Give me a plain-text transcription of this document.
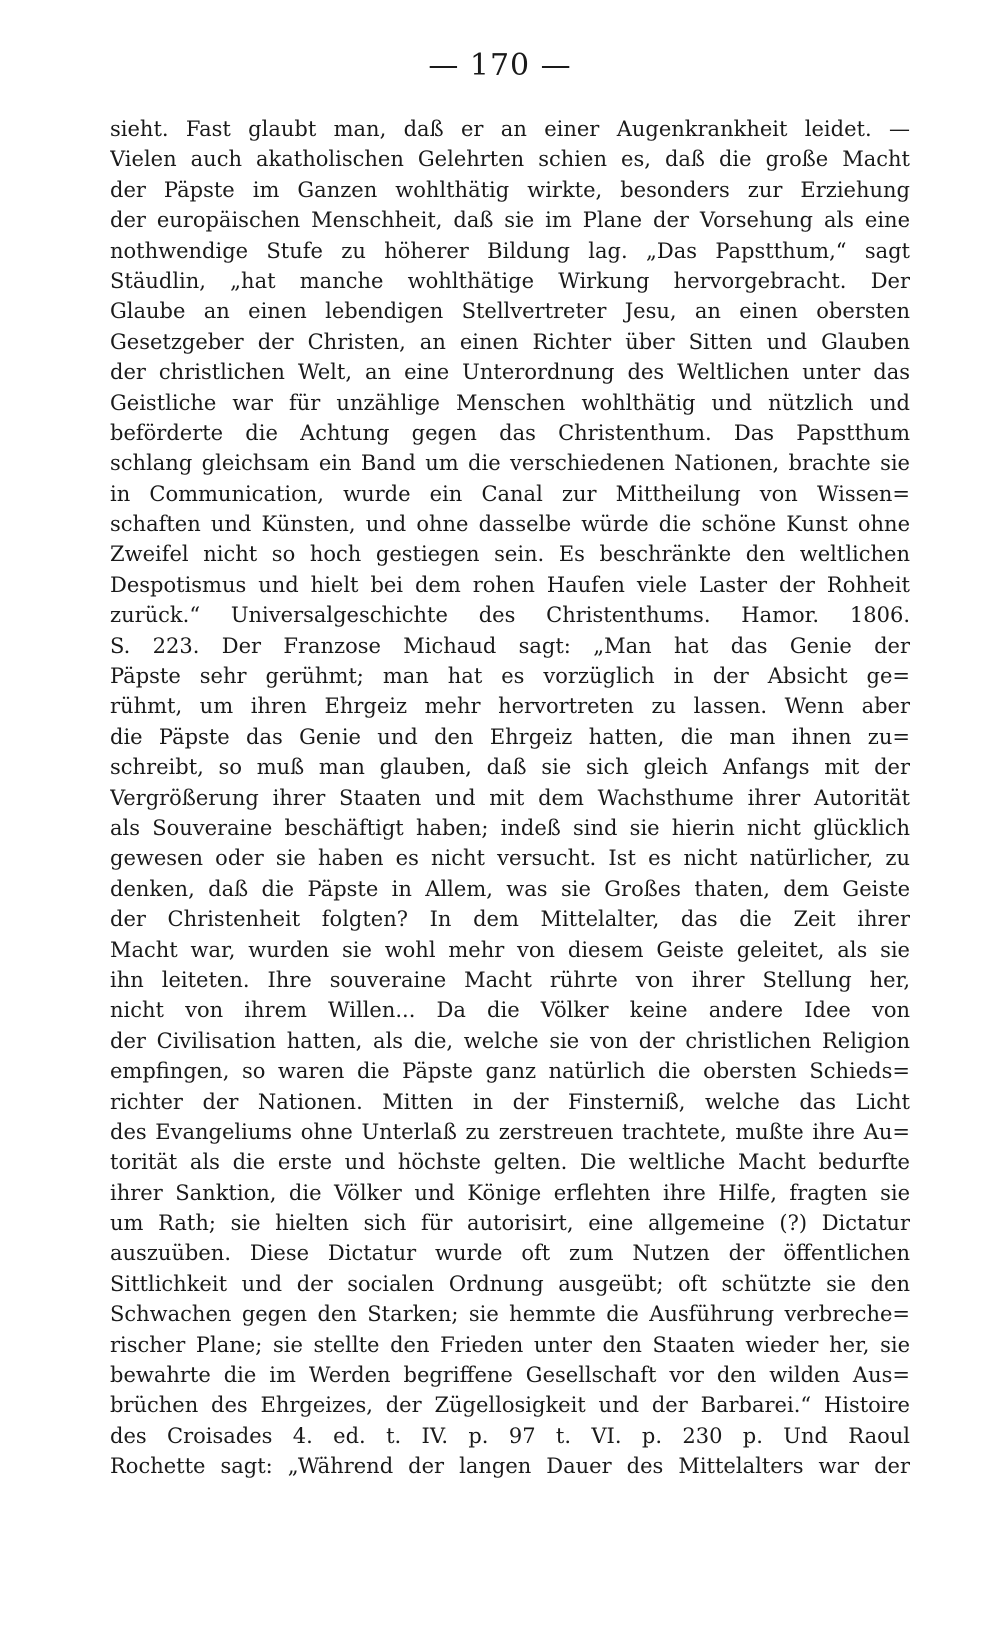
— 170 —
sieht. Fast glaubt man, daß er an einer Augenkrankheit leidet. —
Vielen auch akatholischen Gelehrten schien es, daß die große Macht
der Päpste im Ganzen wohlthätig wirkte, besonders zur Erziehung
der europäischen Menschheit, daß sie im Plane der Vorsehung als eine
nothwendige Stufe zu höherer Bildung lag. „Das Papstthum,“ sagt
Stäudlin, „hat manche wohlthätige Wirkung hervorgebracht. Der
Glaube an einen lebendigen Stellvertreter Jesu, an einen obersten
Gesetzgeber der Christen, an einen Richter über Sitten und Glauben
der christlichen Welt, an eine Unterordnung des Weltlichen unter das
Geistliche war für unzählige Menschen wohlthätig und nützlich und
beförderte die Achtung gegen das Christenthum. Das Papstthum
schlang gleichsam ein Band um die verschiedenen Nationen, brachte sie
in Communication, wurde ein Canal zur Mittheilung von Wissen=
schaften und Künsten, und ohne dasselbe würde die schöne Kunst ohne
Zweifel nicht so hoch gestiegen sein. Es beschränkte den weltlichen
Despotismus und hielt bei dem rohen Haufen viele Laster der Rohheit
zurück.“ Universalgeschichte des Christenthums. Hamor. 1806.
S. 223. Der Franzose Michaud sagt: „Man hat das Genie der
Päpste sehr gerühmt; man hat es vorzüglich in der Absicht ge=
rühmt, um ihren Ehrgeiz mehr hervortreten zu lassen. Wenn aber
die Päpste das Genie und den Ehrgeiz hatten, die man ihnen zu=
schreibt, so muß man glauben, daß sie sich gleich Anfangs mit der
Vergrößerung ihrer Staaten und mit dem Wachsthume ihrer Autorität
als Souveraine beschäftigt haben; indeß sind sie hierin nicht glücklich
gewesen oder sie haben es nicht versucht. Ist es nicht natürlicher, zu
denken, daß die Päpste in Allem, was sie Großes thaten, dem Geiste
der Christenheit folgten? In dem Mittelalter, das die Zeit ihrer
Macht war, wurden sie wohl mehr von diesem Geiste geleitet, als sie
ihn leiteten. Ihre souveraine Macht rührte von ihrer Stellung her,
nicht von ihrem Willen... Da die Völker keine andere Idee von
der Civilisation hatten, als die, welche sie von der christlichen Religion
empfingen, so waren die Päpste ganz natürlich die obersten Schieds=
richter der Nationen. Mitten in der Finsterniß, welche das Licht
des Evangeliums ohne Unterlaß zu zerstreuen trachtete, mußte ihre Au=
torität als die erste und höchste gelten. Die weltliche Macht bedurfte
ihrer Sanktion, die Völker und Könige erflehten ihre Hilfe, fragten sie
um Rath; sie hielten sich für autorisirt, eine allgemeine (?) Dictatur
auszuüben. Diese Dictatur wurde oft zum Nutzen der öffentlichen
Sittlichkeit und der socialen Ordnung ausgeübt; oft schützte sie den
Schwachen gegen den Starken; sie hemmte die Ausführung verbreche=
rischer Plane; sie stellte den Frieden unter den Staaten wieder her, sie
bewahrte die im Werden begriffene Gesellschaft vor den wilden Aus=
brüchen des Ehrgeizes, der Zügellosigkeit und der Barbarei.“ Histoire
des Croisades 4. ed. t. IV. p. 97 t. VI. p. 230 p. Und Raoul
Rochette sagt: „Während der langen Dauer des Mittelalters war der
